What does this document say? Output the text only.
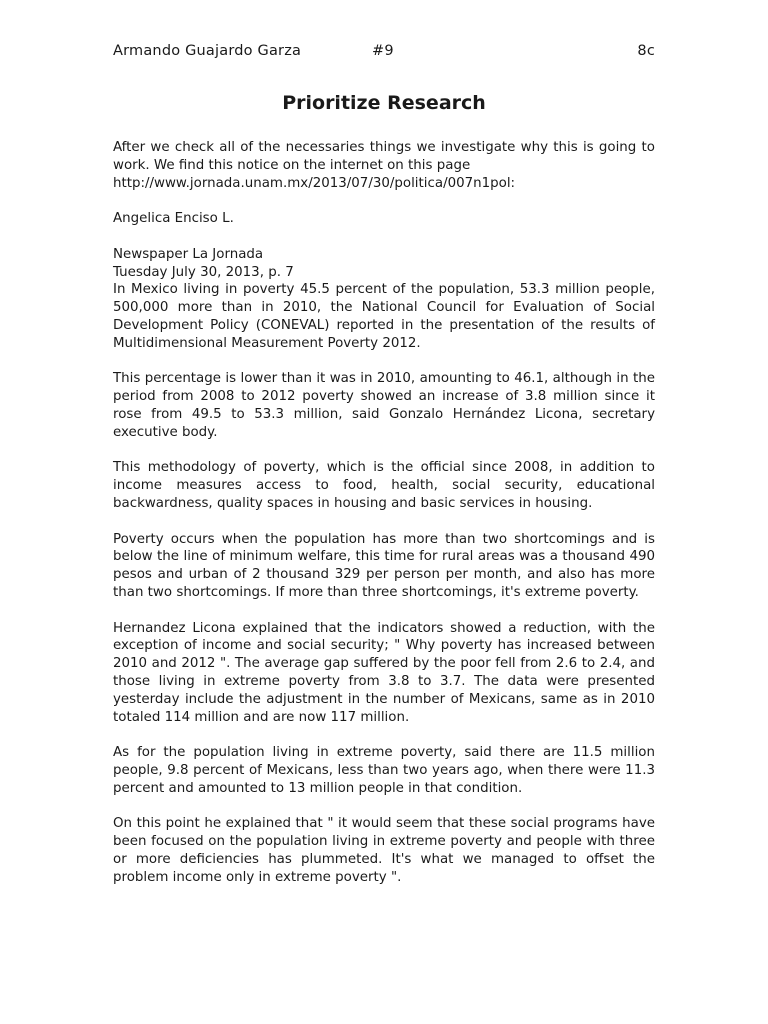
Armando Guajardo Garza	#9	8c
Prioritize Research

After we check all of the necessaries things we investigate why this is going to work. We find this notice on the internet on this page
http://www.jornada.unam.mx/2013/07/30/politica/007n1pol:

Angelica Enciso L.

Newspaper La Jornada
Tuesday July 30, 2013, p. 7

In Mexico living in poverty 45.5 percent of the population, 53.3 million people, 500,000 more than in 2010, the National Council for Evaluation of Social Development Policy (CONEVAL) reported in the presentation of the results of Multidimensional Measurement Poverty 2012.

This percentage is lower than it was in 2010, amounting to 46.1, although in the period from 2008 to 2012 poverty showed an increase of 3.8 million since it rose from 49.5 to 53.3 million, said Gonzalo Hernández Licona, secretary executive body.

This methodology of poverty, which is the official since 2008, in addition to income measures access to food, health, social security, educational backwardness, quality spaces in housing and basic services in housing.

Poverty occurs when the population has more than two shortcomings and is below the line of minimum welfare, this time for rural areas was a thousand 490 pesos and urban of 2 thousand 329 per person per month, and also has more than two shortcomings. If more than three shortcomings, it's extreme poverty.

Hernandez Licona explained that the indicators showed a reduction, with the exception of income and social security; " Why poverty has increased between 2010 and 2012 ". The average gap suffered by the poor fell from 2.6 to 2.4, and those living in extreme poverty from 3.8 to 3.7. The data were presented yesterday include the adjustment in the number of Mexicans, same as in 2010 totaled 114 million and are now 117 million.

As for the population living in extreme poverty, said there are 11.5 million people, 9.8 percent of Mexicans, less than two years ago, when there were 11.3 percent and amounted to 13 million people in that condition.

On this point he explained that " it would seem that these social programs have been focused on the population living in extreme poverty and people with three or more deficiencies has plummeted. It's what we managed to offset the problem income only in extreme poverty ".
